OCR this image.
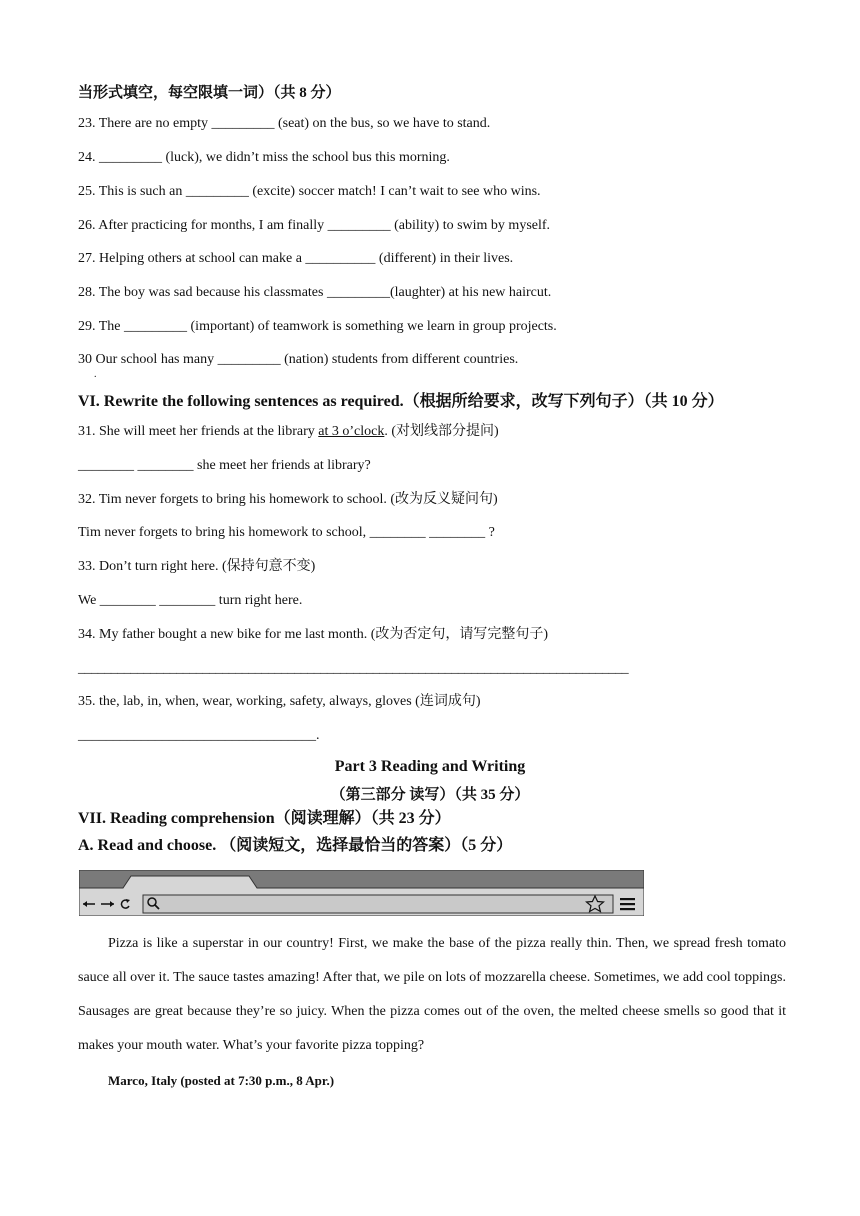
当形式填空，每空限填一词）（共 8 分）
23. There are no empty _________ (seat) on the bus, so we have to stand.
24. _________ (luck), we didn’t miss the school bus this morning.
25. This is such an _________ (excite) soccer match! I can’t wait to see who wins.
26. After practicing for months, I am finally _________ (ability) to swim by myself.
27. Helping others at school can make a __________ (different) in their lives.
28. The boy was sad because his classmates _________(laughter) at his new haircut.
29. The _________ (important) of teamwork is something we learn in group projects.
30 Our school has many _________ (nation) students from different countries.
.
VI. Rewrite the following sentences as required.（根据所给要求，改写下列句子）（共 10 分）
31. She will meet her friends at the library at 3 o’clock. (对划线部分提问)
________ ________ she meet her friends at library?
32. Tim never forgets to bring his homework to school. (改为反义疑问句)
Tim never forgets to bring his homework to school, ________ ________ ?
33. Don’t turn right here. (保持句意不变)
We ________ ________ turn right here.
34. My father bought a new bike for me last month. (改为否定句，请写完整句子)
____________________________________________________________________________________
35. the, lab, in, when, wear, working, safety, always, gloves (连词成句)
__________________________________.
Part 3 Reading and Writing
（第三部分 读写）（共 35 分）
VII. Reading comprehension（阅读理解）（共 23 分）
A. Read and choose. （阅读短文，选择最恰当的答案）（5 分）
Pizza is like a superstar in our country! First, we make the base of the pizza really thin. Then, we spread fresh tomato sauce all over it. The sauce tastes amazing! After that, we pile on lots of mozzarella cheese. Sometimes, we add cool toppings. Sausages are great because they’re so juicy. When the pizza comes out of the oven, the melted cheese smells so good that it makes your mouth water. What’s your favorite pizza topping?
Marco, Italy (posted at 7:30 p.m., 8 Apr.)
